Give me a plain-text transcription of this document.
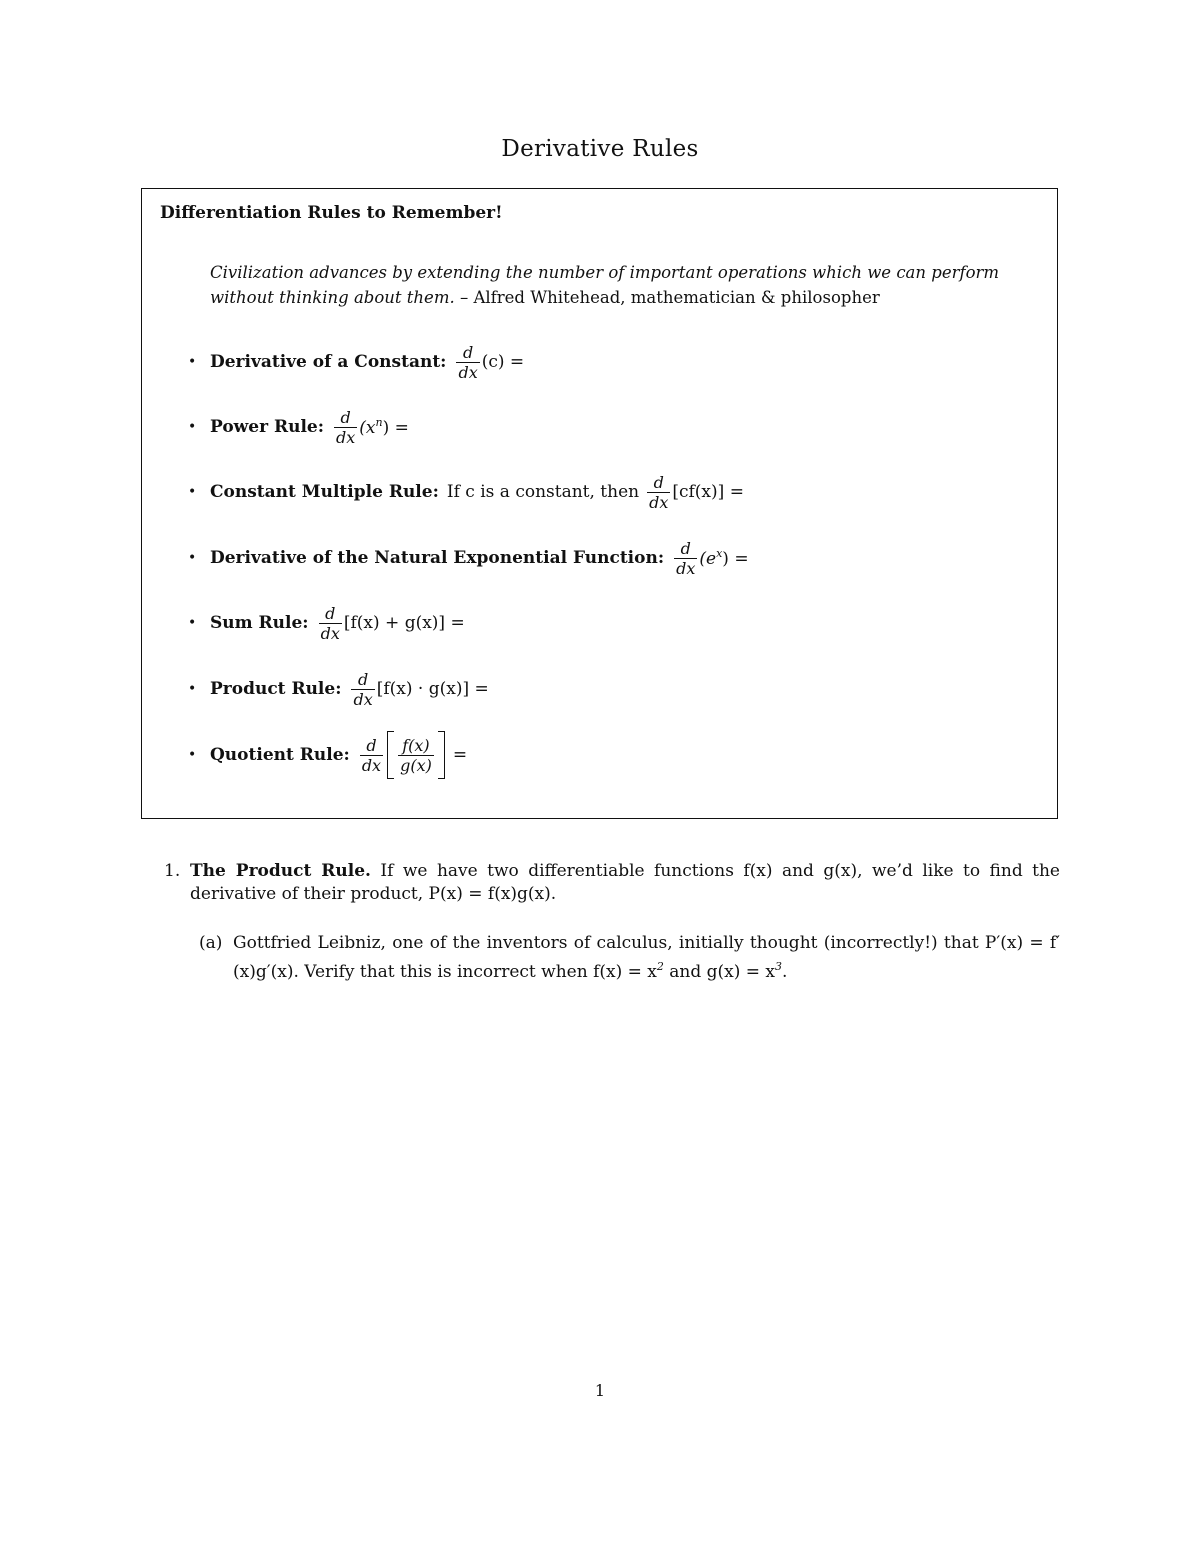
Derivative Rules
Differentiation Rules to Remember!
Civilization advances by extending the number of important operations which we can perform without thinking about them. – Alfred Whitehead, mathematician & philosopher
• Derivative of a Constant: $\frac{d}{dx} (c)$ =
• Power Rule: $\frac{d}{dx} (x^n)$ =
• Constant Multiple Rule: If c is a constant, then $\frac{d}{dx} [cf(x)]$ =
• Derivative of the Natural Exponential Function: $\frac{d}{dx} (e^x)$ =
• Sum Rule: $\frac{d}{dx} [f(x) + g(x)]$ =
• Product Rule: $\frac{d}{dx} [f(x) \cdot g(x)]$ =
• Quotient Rule: $\frac{d}{dx} \frac{f(x)}{g(x)}$ =
1. The Product Rule. If we have two differentiable functions f(x) and g(x), we’d like to find the derivative of their product, P(x) = f(x)g(x).
(a) Gottfried Leibniz, one of the inventors of calculus, initially thought (incorrectly!) that P′(x) = f′(x)g′(x). Verify that this is incorrect when $f(x) = x^2$ and $g(x) = x^3$.
1
